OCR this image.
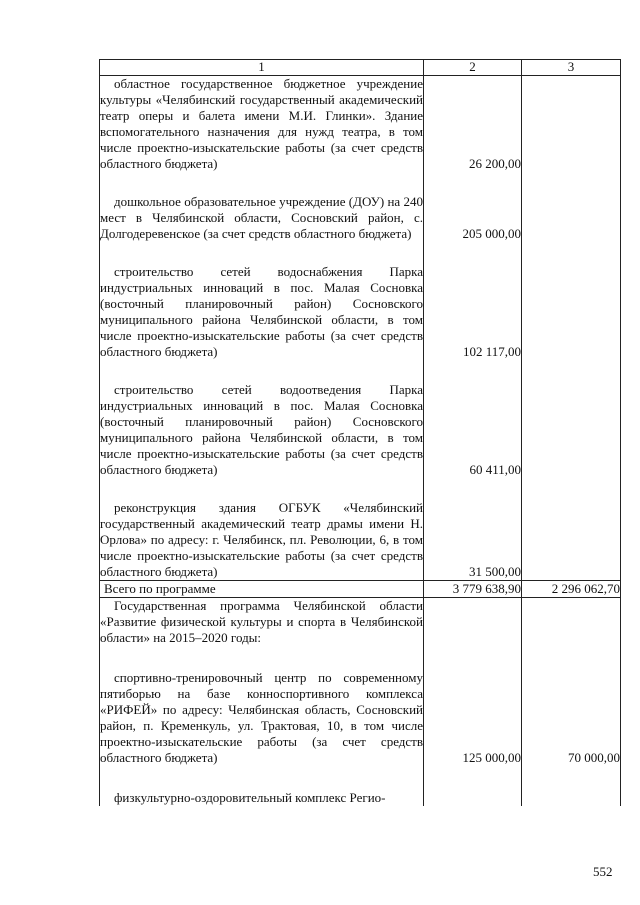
1	2	3
областное государственное бюджетное учреждение культуры «Челябинский государственный академический театр оперы и балета имени М.И. Глинки». Здание вспомогательного назначения для нужд театра, в том числе проектно-изыскательские работы (за счет средств областного бюджета)	26 200,00	

дошкольное образовательное учреждение (ДОУ) на 240 мест в Челябинской области, Сосновский район, с. Долгодеревенское (за счет средств областного бюджета)	205 000,00	

строительство сетей водоснабжения Парка индустриальных инноваций в пос. Малая Сосновка (восточный планировочный район) Сосновского муниципального района Челябинской области, в том числе проектно-изыскательские работы (за счет средств областного бюджета)	102 117,00	

строительство сетей водоотведения Парка индустриальных инноваций в пос. Малая Сосновка (восточный планировочный район) Сосновского муниципального района Челябинской области, в том числе проектно-изыскательские работы (за счет средств областного бюджета)	60 411,00	

реконструкция здания ОГБУК «Челябинский государственный академический театр драмы имени Н. Орлова» по адресу: г. Челябинск, пл. Революции, 6, в том числе проектно-изыскательские работы (за счет средств областного бюджета)	31 500,00	
Всего по программе	3 779 638,90	2 296 062,70
Государственная программа Челябинской области «Развитие физической культуры и спорта в Челябинской области» на 2015–2020 годы:		

спортивно-тренировочный центр по современному пятиборью на базе конноспортивного комплекса «РИФЕЙ» по адресу: Челябинская область, Сосновский район, п. Кременкуль, ул. Трактовая, 10, в том числе проектно-изыскательские работы (за счет средств областного бюджета)	125 000,00	70 000,00

физкультурно-оздоровительный комплекс Регио-		
552
